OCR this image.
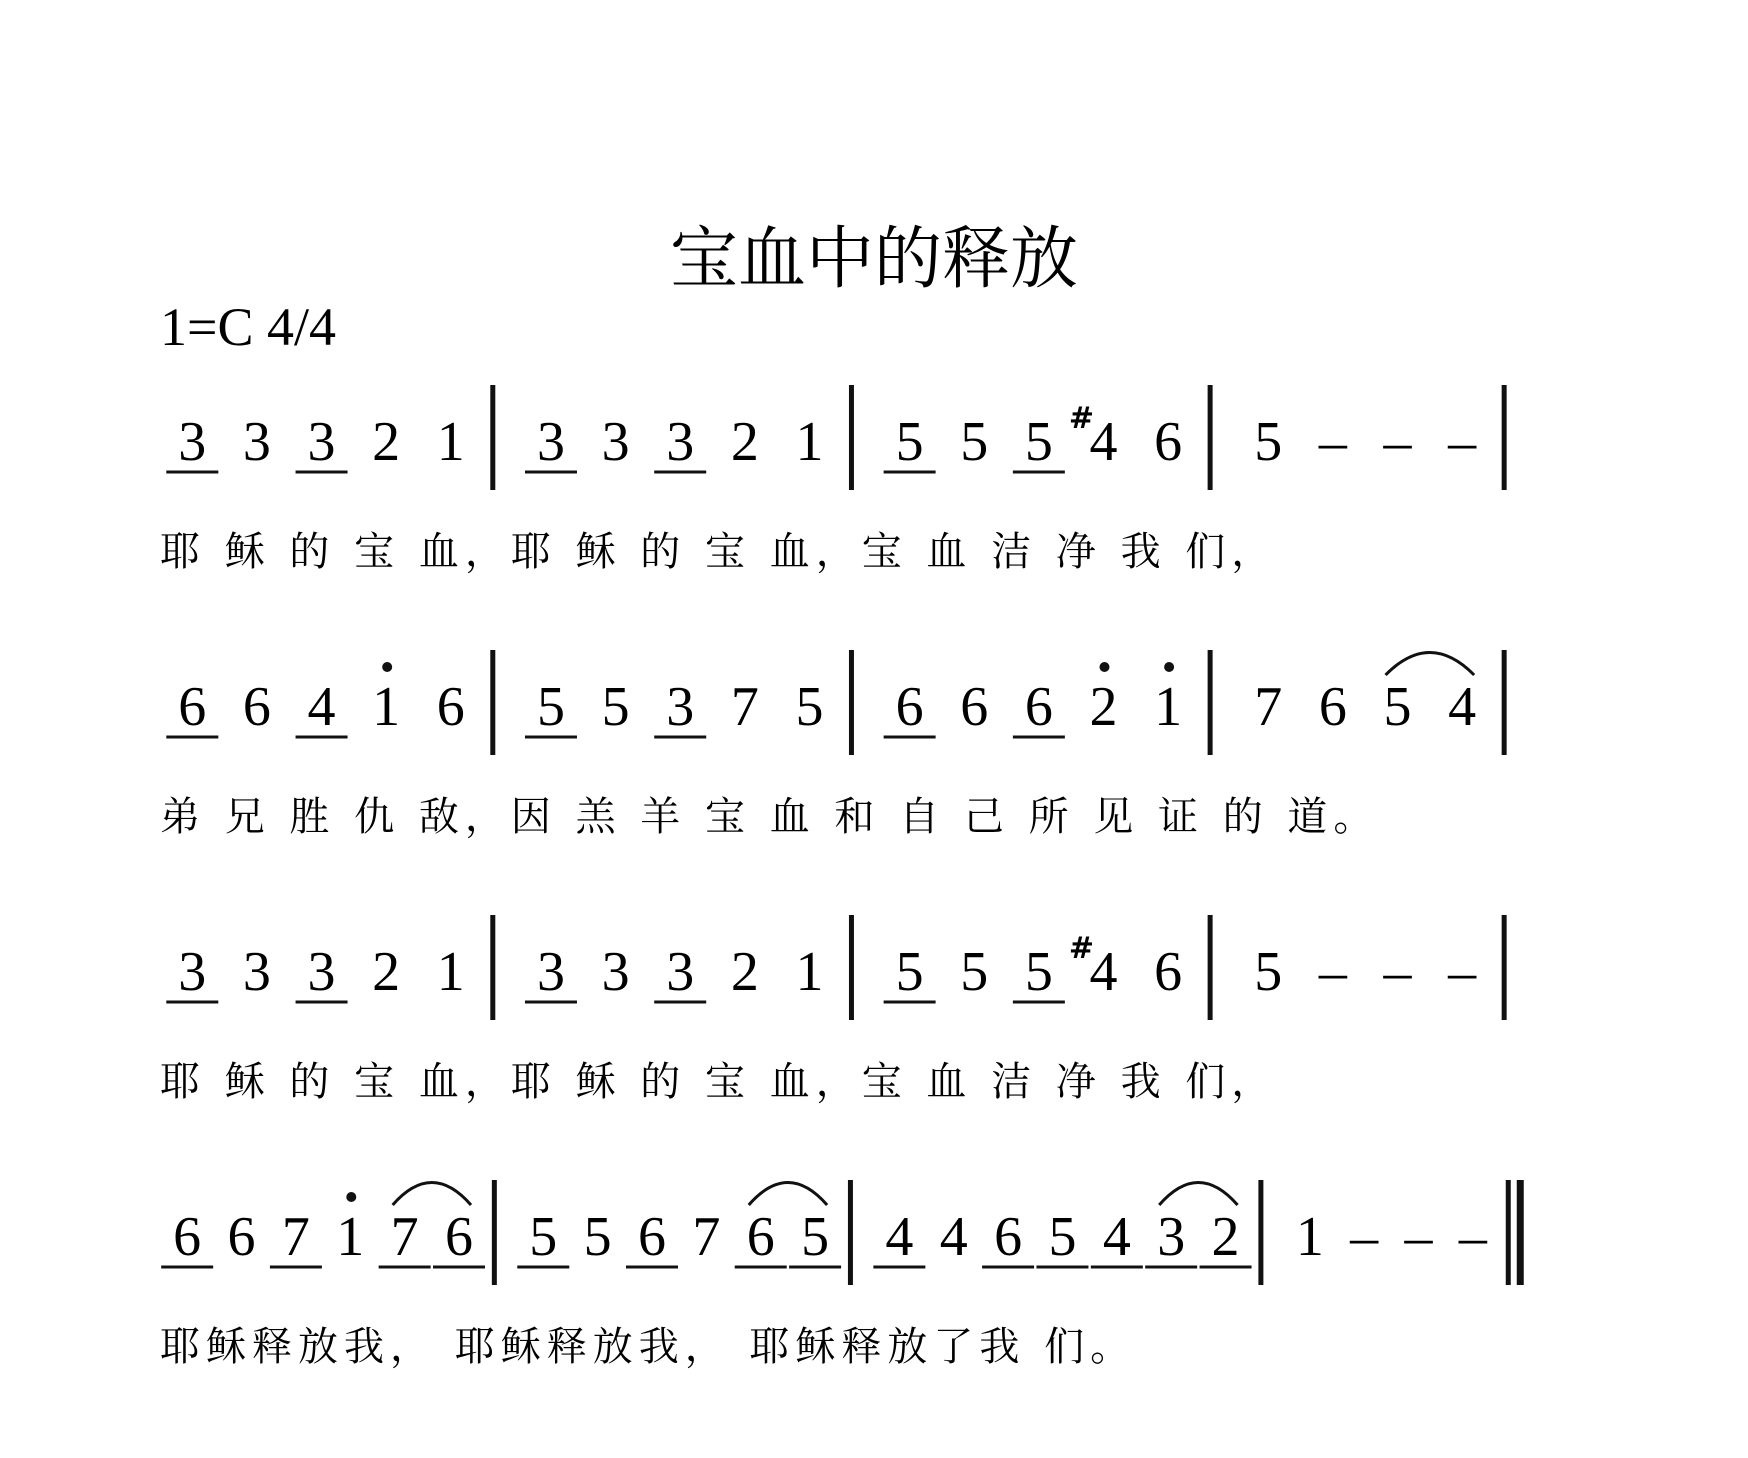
宝血中的释放
1=C 4/4
3 3 3 2 1 3 3 3 2 1 5 5 5 4
# 6 5 – – –
耶 稣 的 宝 血，耶 稣 的 宝 血，宝 血 洁 净 我 们，
6 6 4 1 6 5 5 3 7 5 6 6 6 2 1 7 6 5 4
弟 兄 胜 仇 敌，因 羔 羊 宝 血 和 自 己 所 见 证 的 道。
3 3 3 2 1 3 3 3 2 1 5 5 5 4
# 6 5 – – –
耶 稣 的 宝 血，耶 稣 的 宝 血，宝 血 洁 净 我 们，
6 6 7 1 7 6 5 5 6 7 6 5 4 4 6 5 4 3 2 1 – – –
耶稣释放我， 耶稣释放我， 耶稣释放了我 们。
